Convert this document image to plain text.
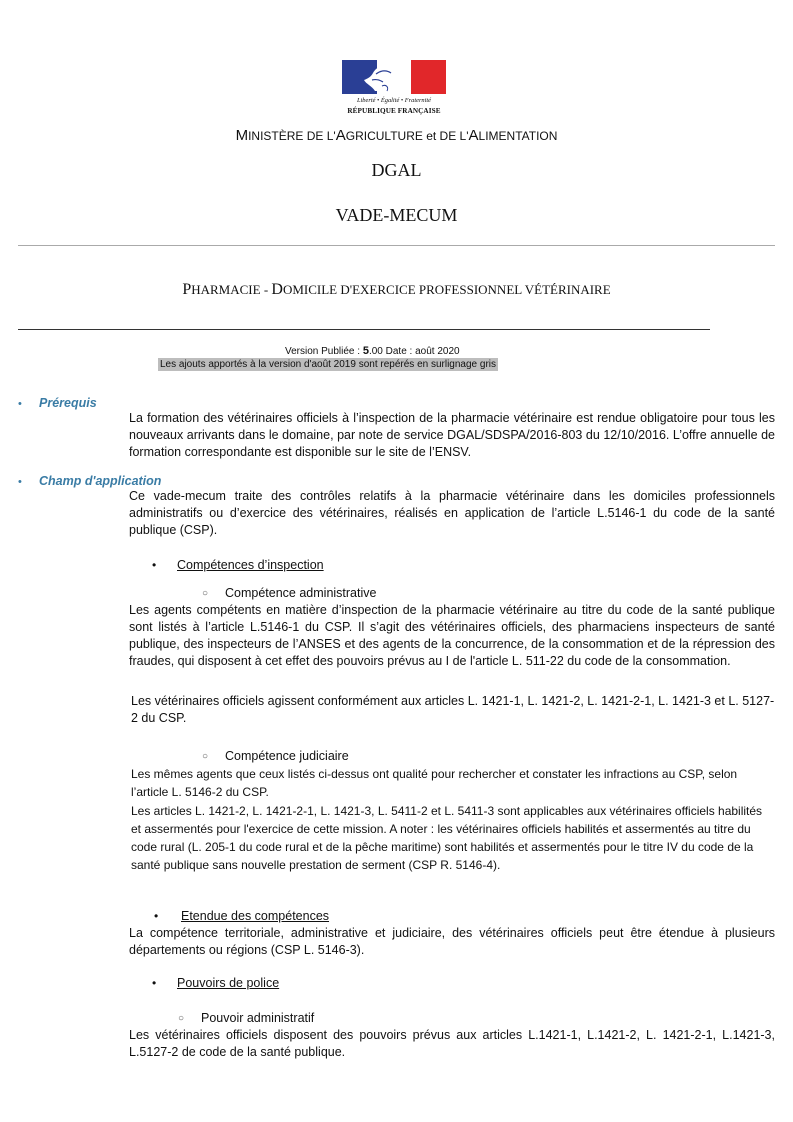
Liberté • Égalité • Fraternité
RÉPUBLIQUE FRANÇAISE
MINISTÈRE DE L'AGRICULTURE et DE L'ALIMENTATION
DGAL
VADE-MECUM
PHARMACIE - DOMICILE D'EXERCICE PROFESSIONNEL VÉTÉRINAIRE
Version Publiée : 5.00 Date : août 2020
Les ajouts apportés à la version d'août 2019 sont repérés en surlignage gris
• Prérequis
La formation des vétérinaires officiels à l’inspection de la pharmacie vétérinaire est rendue obligatoire pour tous les nouveaux arrivants dans le domaine, par note de service DGAL/SDSPA/2016-803 du 12/10/2016. L’offre annuelle de formation correspondante est disponible sur le site de l’ENSV.
• Champ d'application
Ce vade-mecum traite des contrôles relatifs à la pharmacie vétérinaire dans les domiciles professionnels administratifs ou d’exercice des vétérinaires, réalisés en application de l’article L.5146-1 du code de la santé publique (CSP).
• Compétences d’inspection
○ Compétence administrative
Les agents compétents en matière d’inspection de la pharmacie vétérinaire au titre du code de la santé publique sont listés à l’article L.5146-1 du CSP. Il s’agit des vétérinaires officiels, des pharmaciens inspecteurs de santé publique, des inspecteurs de l’ANSES et des agents de la concurrence, de la consommation et de la répression des fraudes, qui disposent à cet effet des pouvoirs prévus au I de l'article L. 511-22 du code de la consommation.
Les vétérinaires officiels agissent conformément aux articles L. 1421-1, L. 1421-2, L. 1421-2-1, L. 1421-3 et L. 5127-2 du CSP.
○ Compétence judiciaire
Les mêmes agents que ceux listés ci-dessus ont qualité pour rechercher et constater les infractions au CSP, selon l’article L. 5146-2 du CSP.
Les articles L. 1421-2, L. 1421-2-1, L. 1421-3, L. 5411-2 et L. 5411-3 sont applicables aux vétérinaires officiels habilités et assermentés pour l'exercice de cette mission. A noter : les vétérinaires officiels habilités et assermentés au titre du code rural (L. 205-1 du code rural et de la pêche maritime) sont habilités et assermentés pour le titre IV du code de la santé publique sans nouvelle prestation de serment (CSP R. 5146-4).
• Etendue des compétences
La compétence territoriale, administrative et judiciaire, des vétérinaires officiels peut être étendue à plusieurs départements ou régions (CSP L. 5146-3).
• Pouvoirs de police
○ Pouvoir administratif
Les vétérinaires officiels disposent des pouvoirs prévus aux articles L.1421-1, L.1421-2, L. 1421-2-1, L.1421-3, L.5127-2 de code de la santé publique.
